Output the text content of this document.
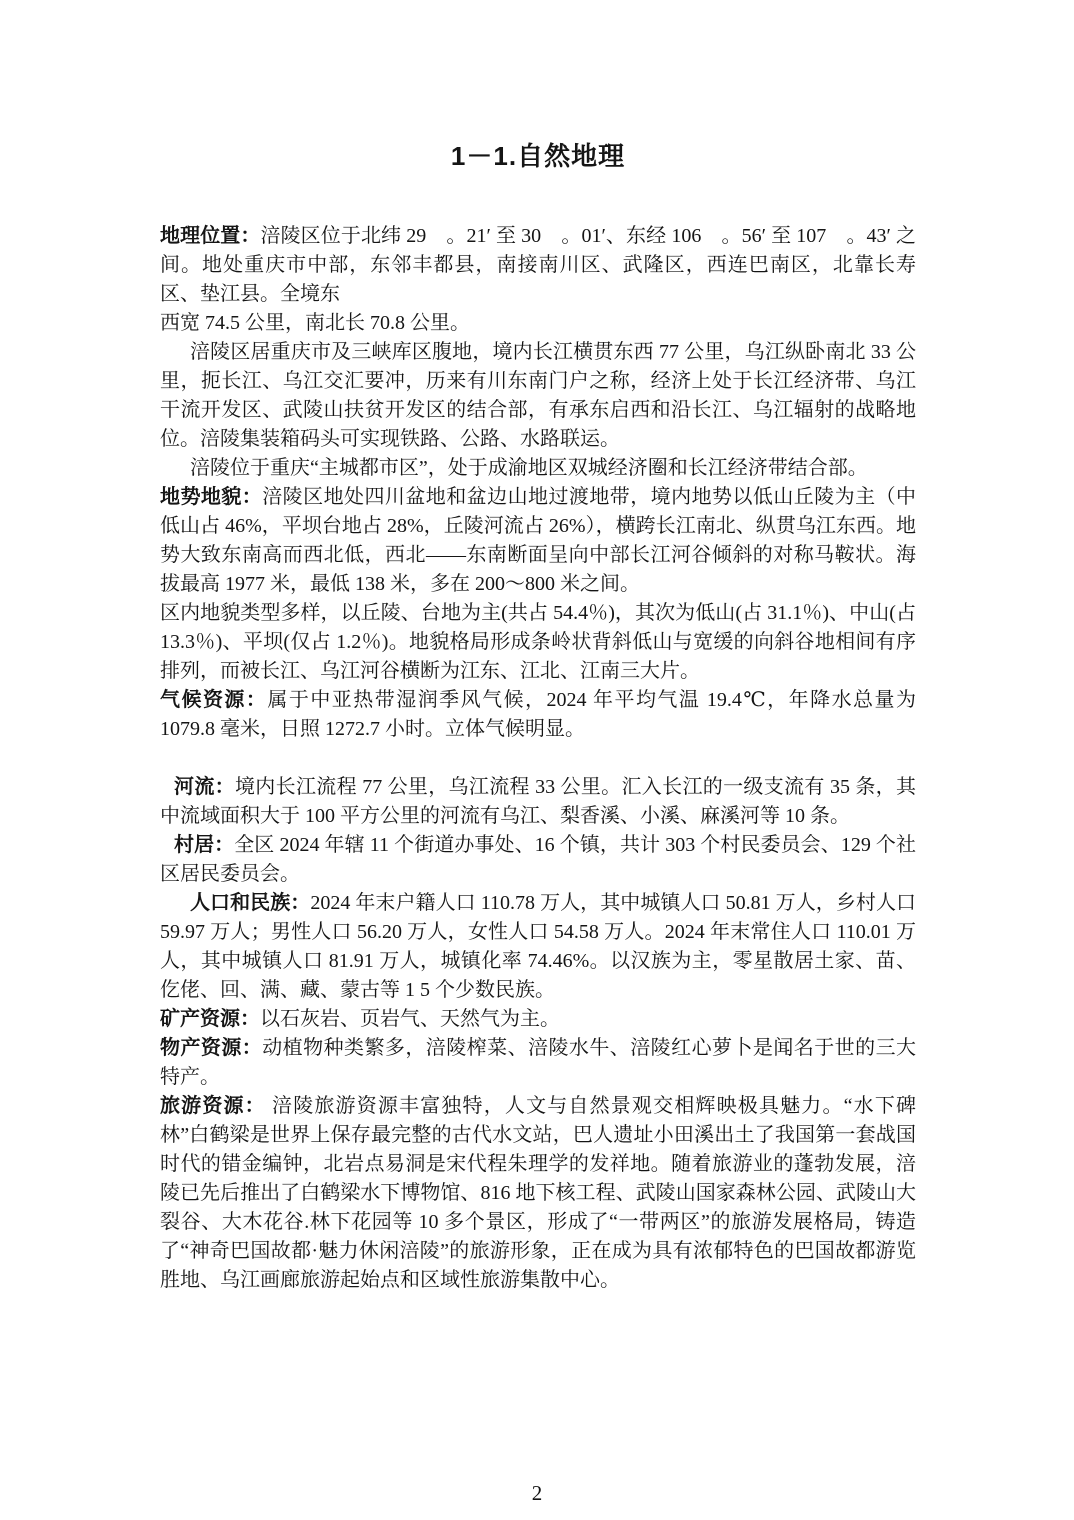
1－1.自然地理

地理位置：涪陵区位于北纬 29　。21′ 至 30　。01′、东经 106　。56′ 至 107　。43′ 之间。地处重庆市中部，东邻丰都县，南接南川区、武隆区，西连巴南区，北靠长寿区、垫江县。全境东

西宽 74.5 公里，南北长 70.8 公里。

涪陵区居重庆市及三峡库区腹地，境内长江横贯东西 77 公里，乌江纵卧南北 33 公里，扼长江、乌江交汇要冲，历来有川东南门户之称，经济上处于长江经济带、乌江干流开发区、武陵山扶贫开发区的结合部，有承东启西和沿长江、乌江辐射的战略地位。涪陵集装箱码头可实现铁路、公路、水路联运。

涪陵位于重庆“主城都市区”，处于成渝地区双城经济圈和长江经济带结合部。

地势地貌：涪陵区地处四川盆地和盆边山地过渡地带，境内地势以低山丘陵为主（中低山占 46%，平坝台地占 28%，丘陵河流占 26%），横跨长江南北、纵贯乌江东西。地势大致东南高而西北低，西北――东南断面呈向中部长江河谷倾斜的对称马鞍状。海拔最高 1977 米，最低 138 米，多在 200～800 米之间。

区内地貌类型多样，以丘陵、台地为主(共占 54.4％)，其次为低山(占 31.1％)、中山(占 13.3％)、平坝(仅占 1.2％)。地貌格局形成条岭状背斜低山与宽缓的向斜谷地相间有序排列，而被长江、乌江河谷横断为江东、江北、江南三大片。

气候资源：属于中亚热带湿润季风气候，2024 年平均气温 19.4℃，年降水总量为 1079.8 毫米，日照 1272.7 小时。立体气候明显。

河流：境内长江流程 77 公里，乌江流程 33 公里。汇入长江的一级支流有 35 条，其中流域面积大于 100 平方公里的河流有乌江、梨香溪、小溪、麻溪河等 10 条。

村居：全区 2024 年辖 11 个街道办事处、16 个镇，共计 303 个村民委员会、129 个社区居民委员会。

人口和民族：2024 年末户籍人口 110.78 万人，其中城镇人口 50.81 万人，乡村人口 59.97 万人；男性人口 56.20 万人，女性人口 54.58 万人。2024 年末常住人口 110.01 万人，其中城镇人口 81.91 万人，城镇化率 74.46%。以汉族为主，零星散居土家、苗、仡佬、回、满、藏、蒙古等 1 5 个少数民族。

矿产资源：以石灰岩、页岩气、天然气为主。

物产资源：动植物种类繁多，涪陵榨菜、涪陵水牛、涪陵红心萝卜是闻名于世的三大特产。

旅游资源： 涪陵旅游资源丰富独特，人文与自然景观交相辉映极具魅力。“水下碑林”白鹤梁是世界上保存最完整的古代水文站，巴人遗址小田溪出土了我国第一套战国时代的错金编钟，北岩点易洞是宋代程朱理学的发祥地。随着旅游业的蓬勃发展，涪陵已先后推出了白鹤梁水下博物馆、816 地下核工程、武陵山国家森林公园、武陵山大裂谷、大木花谷.林下花园等 10 多个景区，形成了“一带两区”的旅游发展格局，铸造了“神奇巴国故都·魅力休闲涪陵”的旅游形象，正在成为具有浓郁特色的巴国故都游览胜地、乌江画廊旅游起始点和区域性旅游集散中心。

2
